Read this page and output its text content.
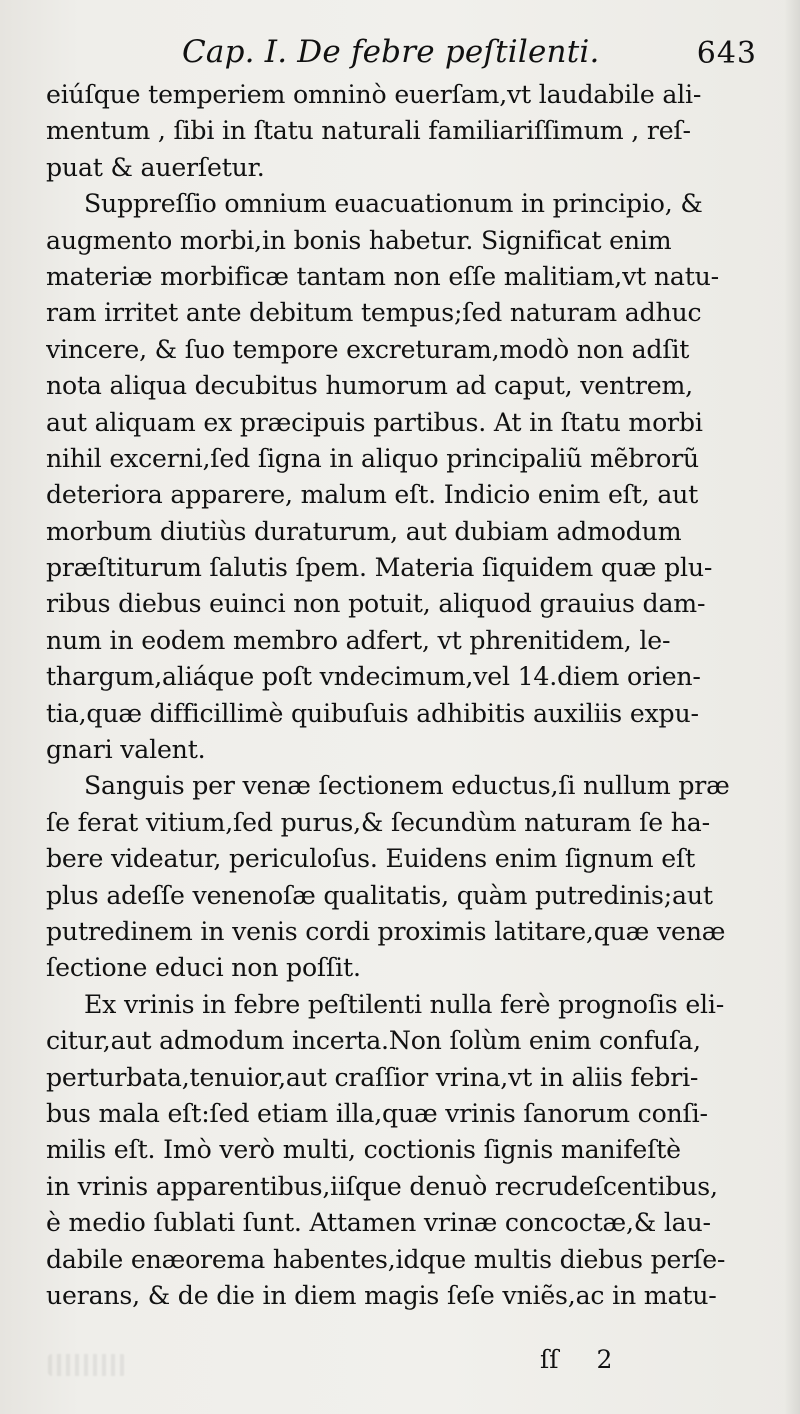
Cap. I. De febre peſtilenti.	643
eiúſque temperiem omninò euerſam,vt laudabile ali-
mentum , ſibi in ſtatu naturali familiariſſimum , reſ-
puat & auerſetur.
Suppreſſio omnium euacuationum in principio, &
augmento morbi,in bonis habetur. Significat enim
materiæ morbificæ tantam non eſſe malitiam,vt natu-
ram irritet ante debitum tempus;ſed naturam adhuc
vincere, & ſuo tempore excreturam,modò non adſit
nota aliqua decubitus humorum ad caput, ventrem,
aut aliquam ex præcipuis partibus. At in ſtatu morbi
nihil excerni,ſed ſigna in aliquo principaliũ mẽbrorũ
deteriora apparere, malum eſt. Indicio enim eſt, aut
morbum diutiùs duraturum, aut dubiam admodum
præſtiturum ſalutis ſpem. Materia ſiquidem quæ plu-
ribus diebus euinci non potuit, aliquod grauius dam-
num in eodem membro adfert, vt phrenitidem, le-
thargum,aliáque poſt vndecimum,vel 14.diem orien-
tia,quæ difficillimè quibuſuis adhibitis auxiliis expu-
gnari valent.
Sanguis per venæ ſectionem eductus,ſi nullum præ
ſe ferat vitium,ſed purus,& ſecundùm naturam ſe ha-
bere videatur, periculoſus. Euidens enim ſignum eſt
plus adeſſe venenoſæ qualitatis, quàm putredinis;aut
putredinem in venis cordi proximis latitare,quæ venæ
ſectione educi non poſſit.
Ex vrinis in febre peſtilenti nulla ferè prognoſis eli-
citur,aut admodum incerta.Non ſolùm enim confuſa,
perturbata,tenuior,aut craſſior vrina,vt in aliis febri-
bus mala eſt:ſed etiam illa,quæ vrinis ſanorum conſi-
milis eſt. Imò verò multi, coctionis ſignis manifeſtè
in vrinis apparentibus,iiſque denuò recrudeſcentibus,
è medio ſublati ſunt. Attamen vrinæ concoctæ,& lau-
dabile enæorema habentes,idque multis diebus perſe-
uerans, & de die in diem magis ſeſe vniẽs,ac in matu-
ſſ 2
